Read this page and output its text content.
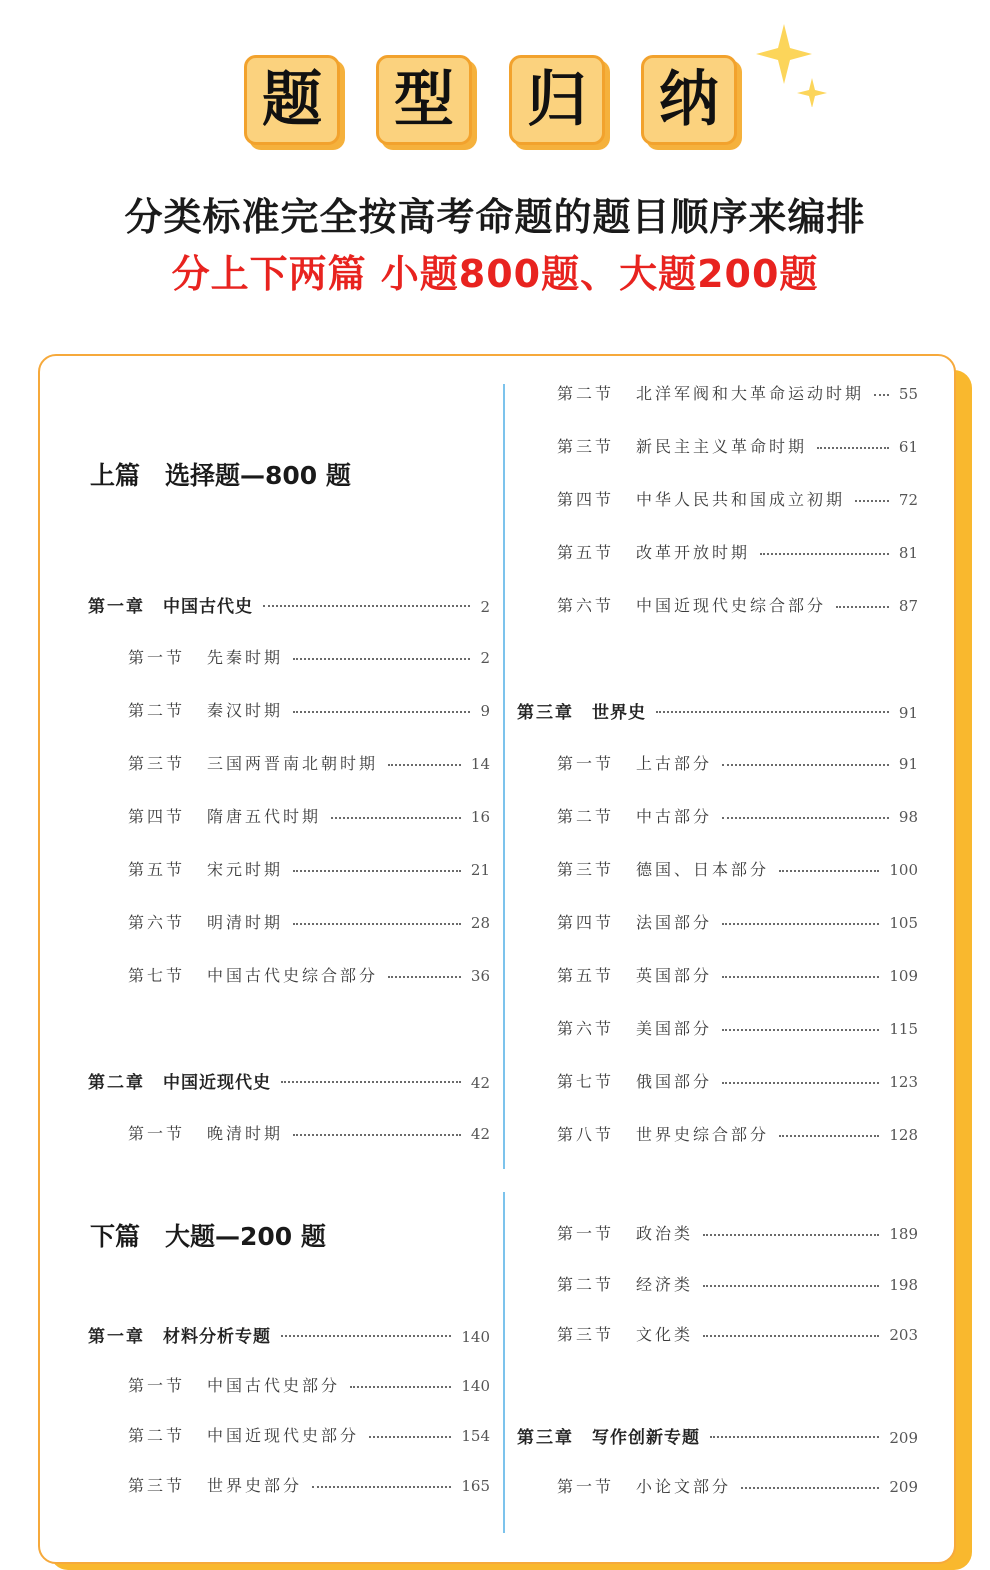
题	型	归	纳
分类标准完全按高考命题的题目顺序来编排
分上下两篇 小题800题、大题200题
上篇　选择题—800 题
下篇　大题—200 题
第一章 中国古代史	2
第一节 先秦时期	2
第二节 秦汉时期	9
第三节 三国两晋南北朝时期	14
第四节 隋唐五代时期	16
第五节 宋元时期	21
第六节 明清时期	28
第七节 中国古代史综合部分	36
第二章 中国近现代史	42
第一节 晚清时期	42
第二节 北洋军阀和大革命运动时期 55
第三节 新民主主义革命时期	61
第四节 中华人民共和国成立初期	72
第五节 改革开放时期	81
第六节 中国近现代史综合部分	87
第三章 世界史	91
第一节 上古部分	91
第二节 中古部分	98
第三节 德国、日本部分	100
第四节 法国部分	105
第五节 英国部分	109
第六节 美国部分	115
第七节 俄国部分	123
第八节 世界史综合部分	128
第一章 材料分析专题	140
第一节 中国古代史部分	140
第二节 中国近现代史部分	154
第三节 世界史部分	165
第一节 政治类	189
第二节 经济类	198
第三节 文化类	203
第三章 写作创新专题	209
第一节 小论文部分	209
